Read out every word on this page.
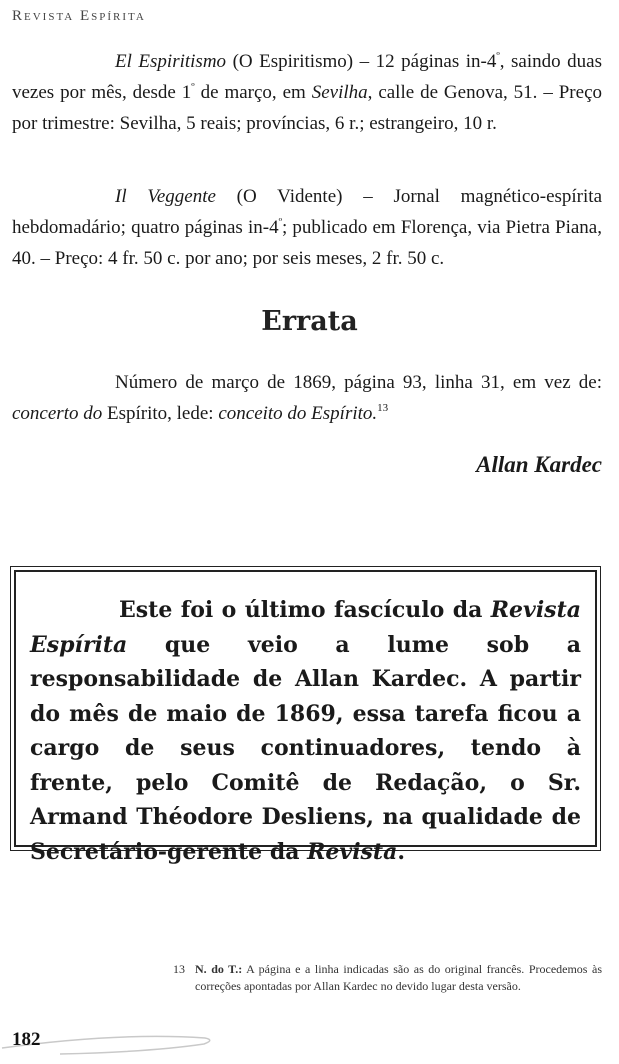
Revista Espírita

El Espiritismo (O Espiritismo) – 12 páginas $in-4^º$, saindo duas vezes por mês, desde $1^º$ de março, em Sevilha, calle de Genova, 51. – Preço por trimestre: Sevilha, 5 reais; províncias, 6 r.; estrangeiro, 10 r.

Il Veggente (O Vidente) – Jornal magnético-espírita hebdomadário; quatro páginas $in-4^º$; publicado em Florença, via Pietra Piana, 40. – Preço: 4 fr. 50 c. por ano; por seis meses, 2 fr. 50 c.

Errata

Número de março de 1869, página 93, linha 31, em vez de: concerto do Espírito, lede: conceito do Espírito.$^{13}$

Allan Kardec

Este foi o último fascículo da Revista Espírita que veio a lume sob a responsabilidade de Allan Kardec. A partir do mês de maio de 1869, essa tarefa ficou a cargo de seus continuadores, tendo à frente, pelo Comitê de Redação, o Sr. Armand Théodore Desliens, na qualidade de Secretário-gerente da Revista.

13 N. do T.: A página e a linha indicadas são as do original francês. Procedemos às correções apontadas por Allan Kardec no devido lugar desta versão.

182
